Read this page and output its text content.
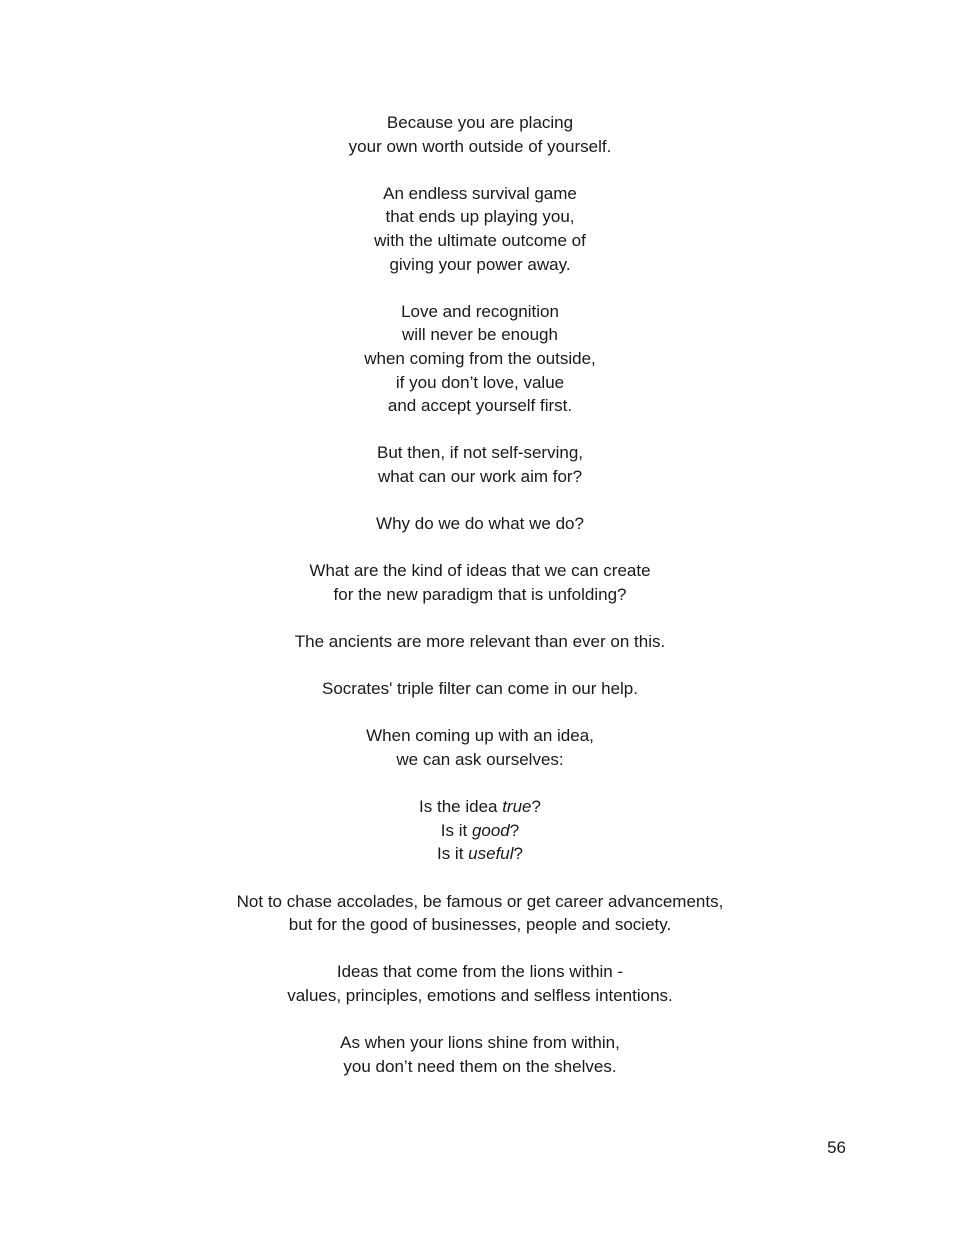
Because you are placing
your own worth outside of yourself.
An endless survival game
that ends up playing you,
with the ultimate outcome of
giving your power away.
Love and recognition
will never be enough
when coming from the outside,
if you don’t love, value
and accept yourself first.
But then, if not self-serving,
what can our work aim for?
Why do we do what we do?
What are the kind of ideas that we can create
for the new paradigm that is unfolding?
The ancients are more relevant than ever on this.
Socrates' triple filter can come in our help.
When coming up with an idea,
we can ask ourselves:
Is the idea true?
Is it good?
Is it useful?
Not to chase accolades, be famous or get career advancements,
but for the good of businesses, people and society.
Ideas that come from the lions within -
values, principles, emotions and selfless intentions.
As when your lions shine from within,
you don’t need them on the shelves.
56
